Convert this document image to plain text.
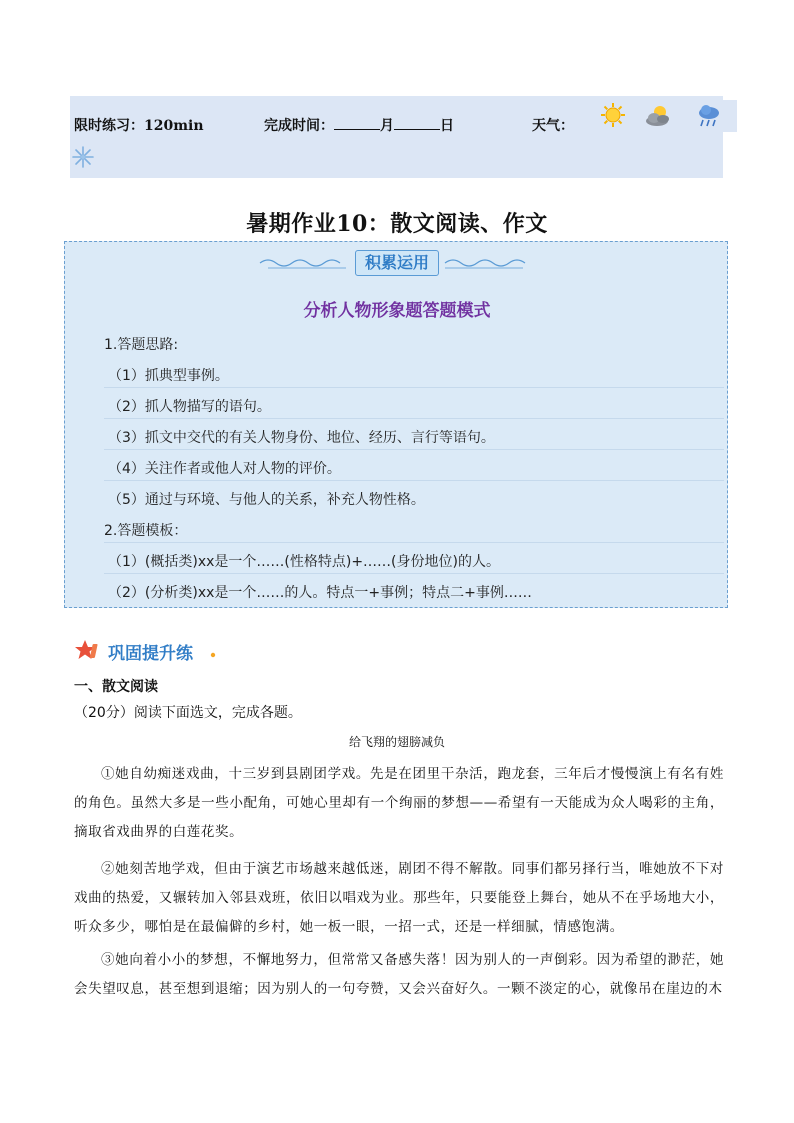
限时练习：120min	完成时间：	月	日	天气：
暑期作业10：散文阅读、作文
积累运用
分析人物形象题答题模式
1.答题思路:
（1）抓典型事例。
（2）抓人物描写的语句。
（3）抓文中交代的有关人物身份、地位、经历、言行等语句。
（4）关注作者或他人对人物的评价。
（5）通过与环境、与他人的关系，补充人物性格。
2.答题模板：
（1）(概括类)xx是一个……(性格特点)+……(身份地位)的人。
（2）(分析类)xx是一个……的人。特点一+事例；特点二+事例……
巩固提升练
一、散文阅读
（20分）阅读下面选文，完成各题。
给飞翔的翅膀减负
①她自幼痴迷戏曲，十三岁到县剧团学戏。先是在团里干杂活，跑龙套，三年后才慢慢演上有名有姓的角色。虽然大多是一些小配角，可她心里却有一个绚丽的梦想——希望有一天能成为众人喝彩的主角，摘取省戏曲界的白莲花奖。
②她刻苦地学戏，但由于演艺市场越来越低迷，剧团不得不解散。同事们都另择行当，唯她放不下对戏曲的热爱，又辗转加入邻县戏班，依旧以唱戏为业。那些年，只要能登上舞台，她从不在乎场地大小，听众多少，哪怕是在最偏僻的乡村，她一板一眼，一招一式，还是一样细腻，情感饱满。
③她向着小小的梦想，不懈地努力，但常常又备感失落！因为别人的一声倒彩。因为希望的渺茫，她会失望叹息，甚至想到退缩；因为别人的一句夸赞，又会兴奋好久。一颗不淡定的心，就像吊在崖边的木
